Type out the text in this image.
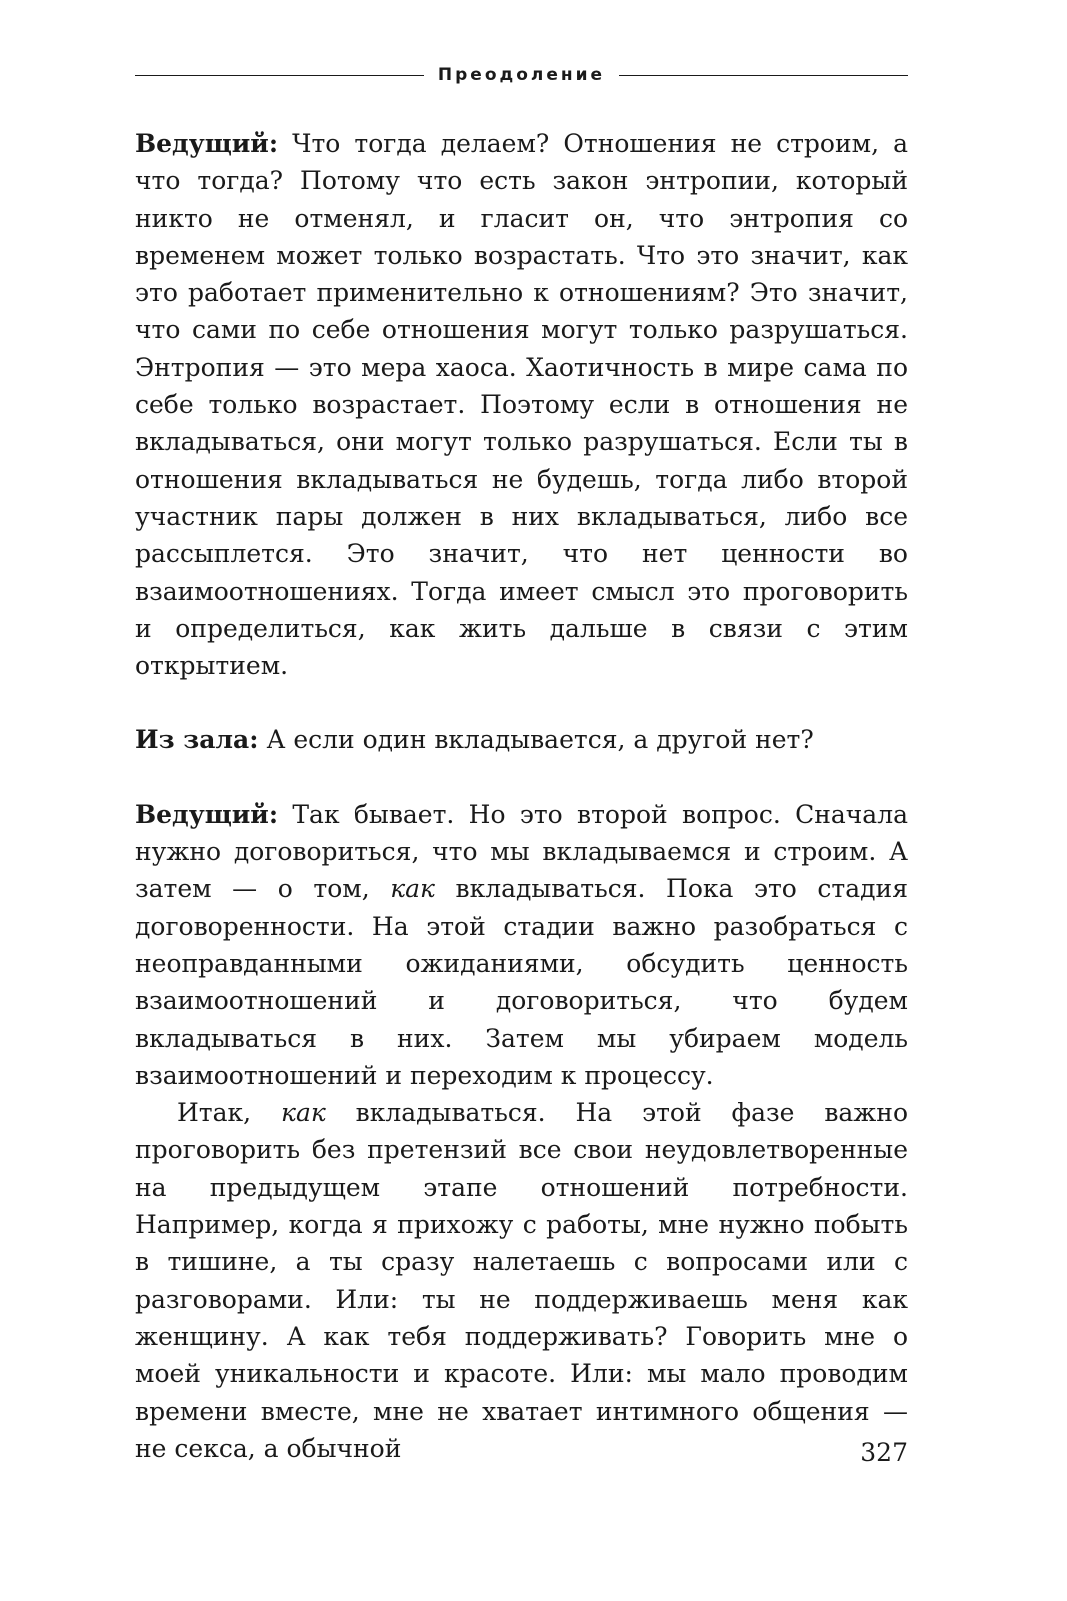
Преодоление

Ведущий: Что тогда делаем? Отношения не строим, а что тогда? Потому что есть закон энтропии, который никто не отменял, и гласит он, что энтропия со временем может только возрастать. Что это значит, как это работает применительно к отношениям? Это значит, что сами по себе отношения могут только разрушаться. Энтропия — это мера хаоса. Хаотичность в мире сама по себе только возрастает. Поэтому если в отношения не вкладываться, они могут только разрушаться. Если ты в отношения вкладываться не будешь, тогда либо второй участник пары должен в них вкладываться, либо все рассыплется. Это значит, что нет ценности во взаимоотношениях. Тогда имеет смысл это проговорить и определиться, как жить дальше в связи с этим открытием.

Из зала: А если один вкладывается, а другой нет?

Ведущий: Так бывает. Но это второй вопрос. Сначала нужно договориться, что мы вкладываемся и строим. А затем — о том, как вкладываться. Пока это стадия договоренности. На этой стадии важно разобраться с неоправданными ожиданиями, обсудить ценность взаимоотношений и договориться, что будем вкладываться в них. Затем мы убираем модель взаимоотношений и переходим к процессу.

Итак, как вкладываться. На этой фазе важно проговорить без претензий все свои неудовлетворенные на предыдущем этапе отношений потребности. Например, когда я прихожу с работы, мне нужно побыть в тишине, а ты сразу налетаешь с вопросами или с разговорами. Или: ты не поддерживаешь меня как женщину. А как тебя поддерживать? Говорить мне о моей уникальности и красоте. Или: мы мало проводим времени вместе, мне не хватает интимного общения — не секса, а обычной	327
